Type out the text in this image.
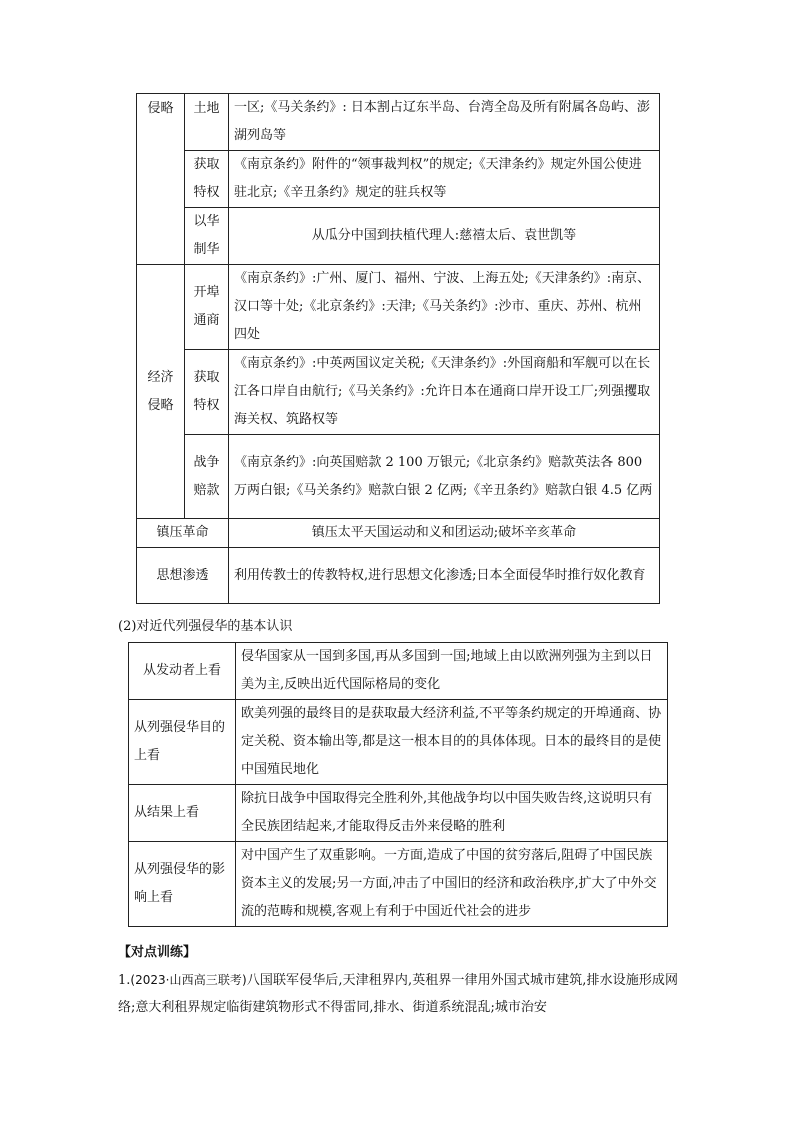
侵略	土地	一区;《马关条约》: 日本割占辽东半岛、台湾全岛及所有附属各岛屿、澎湖列岛等
	获取特权	《南京条约》附件的“领事裁判权”的规定;《天津条约》规定外国公使进驻北京;《辛丑条约》规定的驻兵权等
	以华制华	从瓜分中国到扶植代理人:慈禧太后、袁世凯等
经济侵略	开埠通商	《南京条约》:广州、厦门、福州、宁波、上海五处;《天津条约》:南京、汉口等十处;《北京条约》:天津;《马关条约》:沙市、重庆、苏州、杭州四处
	获取特权	《南京条约》:中英两国议定关税;《天津条约》:外国商船和军舰可以在长江各口岸自由航行;《马关条约》:允许日本在通商口岸开设工厂;列强攫取海关权、筑路权等
	战争赔款	《南京条约》:向英国赔款 2 100 万银元;《北京条约》赔款英法各 800 万两白银;《马关条约》赔款白银 2 亿两;《辛丑条约》赔款白银 4.5 亿两
镇压革命		镇压太平天国运动和义和团运动;破坏辛亥革命
思想渗透		利用传教士的传教特权,进行思想文化渗透;日本全面侵华时推行奴化教育
(2)对近代列强侵华的基本认识
从发动者上看	侵华国家从一国到多国,再从多国到一国;地域上由以欧洲列强为主到以日美为主,反映出近代国际格局的变化
从列强侵华目的上看	欧美列强的最终目的是获取最大经济利益,不平等条约规定的开埠通商、协定关税、资本输出等,都是这一根本目的的具体体现。日本的最终目的是使中国殖民地化
从结果上看	除抗日战争中国取得完全胜利外,其他战争均以中国失败告终,这说明只有全民族团结起来,才能取得反击外来侵略的胜利
从列强侵华的影响上看	对中国产生了双重影响。一方面,造成了中国的贫穷落后,阻碍了中国民族资本主义的发展;另一方面,冲击了中国旧的经济和政治秩序,扩大了中外交流的范畴和规模,客观上有利于中国近代社会的进步
【对点训练】
1.(2023·山西高三联考)八国联军侵华后,天津租界内,英租界一律用外国式城市建筑,排水设施形成网络;意大利租界规定临街建筑物形式不得雷同,排水、街道系统混乱;城市治安
